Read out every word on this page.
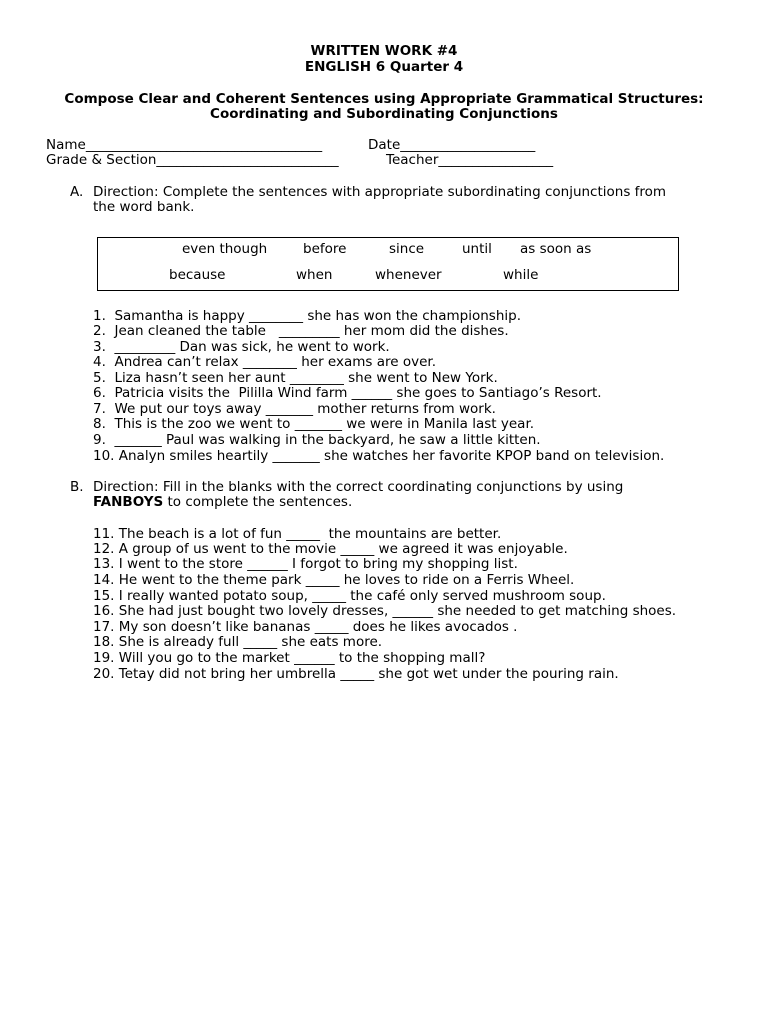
WRITTEN WORK #4
ENGLISH 6 Quarter 4
Compose Clear and Coherent Sentences using Appropriate Grammatical Structures:
Coordinating and Subordinating Conjunctions
Name___________________________________	Date____________________
Grade & Section___________________________	Teacher_________________
A. Direction: Complete the sentences with appropriate subordinating conjunctions from
the word bank.
even though	before	since	until as soon as
because	when	whenever	while
1.  Samantha is happy ________ she has won the championship.
2.  Jean cleaned the table   _________ her mom did the dishes.
3.  _________ Dan was sick, he went to work.
4.  Andrea can’t relax ________ her exams are over.
5.  Liza hasn’t seen her aunt ________ she went to New York.
6.  Patricia visits the  Pililla Wind farm ______ she goes to Santiago’s Resort.
7.  We put our toys away _______ mother returns from work.
8.  This is the zoo we went to _______ we were in Manila last year.
9.  _______ Paul was walking in the backyard, he saw a little kitten.
10. Analyn smiles heartily _______ she watches her favorite KPOP band on television.
B. Direction: Fill in the blanks with the correct coordinating conjunctions by using
FANBOYS to complete the sentences.
11. The beach is a lot of fun _____  the mountains are better.
12. A group of us went to the movie _____ we agreed it was enjoyable.
13. I went to the store ______ I forgot to bring my shopping list.
14. He went to the theme park _____ he loves to ride on a Ferris Wheel.
15. I really wanted potato soup, _____ the café only served mushroom soup.
16. She had just bought two lovely dresses, ______ she needed to get matching shoes.
17. My son doesn’t like bananas _____ does he likes avocados .
18. She is already full _____ she eats more.
19. Will you go to the market ______ to the shopping mall?
20. Tetay did not bring her umbrella _____ she got wet under the pouring rain.
